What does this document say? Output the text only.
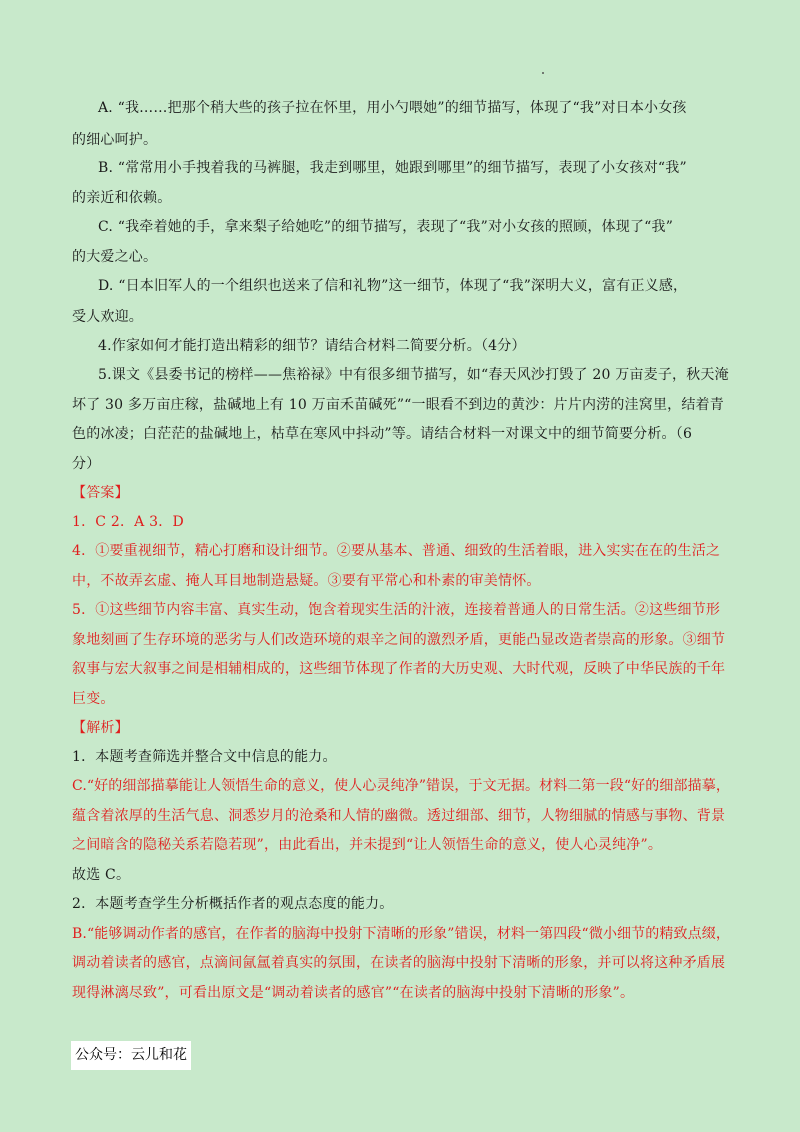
A. “我……把那个稍大些的孩子拉在怀里，用小勺喂她”的细节描写，体现了“我”对日本小女孩
的细心呵护。
B. “常常用小手拽着我的马裤腿，我走到哪里，她跟到哪里”的细节描写，表现了小女孩对“我”
的亲近和依赖。
C. “我牵着她的手，拿来梨子给她吃”的细节描写，表现了“我”对小女孩的照顾，体现了“我”
的大爱之心。
D. “日本旧军人的一个组织也送来了信和礼物”这一细节，体现了“我”深明大义，富有正义感，
受人欢迎。
4.作家如何才能打造出精彩的细节？请结合材料二简要分析。（4分）
5.课文《县委书记的榜样——焦裕禄》中有很多细节描写，如“春天风沙打毁了 20 万亩麦子，秋天淹
坏了 30 多万亩庄稼，盐碱地上有 10 万亩禾苗碱死”“一眼看不到边的黄沙：片片内涝的洼窝里，结着青
色的冰凌；白茫茫的盐碱地上，枯草在寒风中抖动”等。请结合材料一对课文中的细节简要分析。（6
分）
【答案】
1．C 2．A 3．D
4．①要重视细节，精心打磨和设计细节。②要从基本、普通、细致的生活着眼，进入实实在在的生活之
中，不故弄玄虚、掩人耳目地制造悬疑。③要有平常心和朴素的审美情怀。
5．①这些细节内容丰富、真实生动，饱含着现实生活的汁液，连接着普通人的日常生活。②这些细节形
象地刻画了生存环境的恶劣与人们改造环境的艰辛之间的激烈矛盾，更能凸显改造者崇高的形象。③细节
叙事与宏大叙事之间是相辅相成的，这些细节体现了作者的大历史观、大时代观，反映了中华民族的千年
巨变。
【解析】
1．本题考查筛选并整合文中信息的能力。
C.“好的细部描摹能让人领悟生命的意义，使人心灵纯净”错误，于文无据。材料二第一段“好的细部描摹，
蕴含着浓厚的生活气息、洞悉岁月的沧桑和人情的幽微。透过细部、细节，人物细腻的情感与事物、背景
之间暗含的隐秘关系若隐若现”，由此看出，并未提到“让人领悟生命的意义，使人心灵纯净”。
故选 C。
2．本题考查学生分析概括作者的观点态度的能力。
B.“能够调动作者的感官，在作者的脑海中投射下清晰的形象”错误，材料一第四段“微小细节的精致点缀，
调动着读者的感官，点滴间氤氲着真实的氛围，在读者的脑海中投射下清晰的形象，并可以将这种矛盾展
现得淋漓尽致”，可看出原文是“调动着读者的感官”“在读者的脑海中投射下清晰的形象”。
公众号：云儿和花
